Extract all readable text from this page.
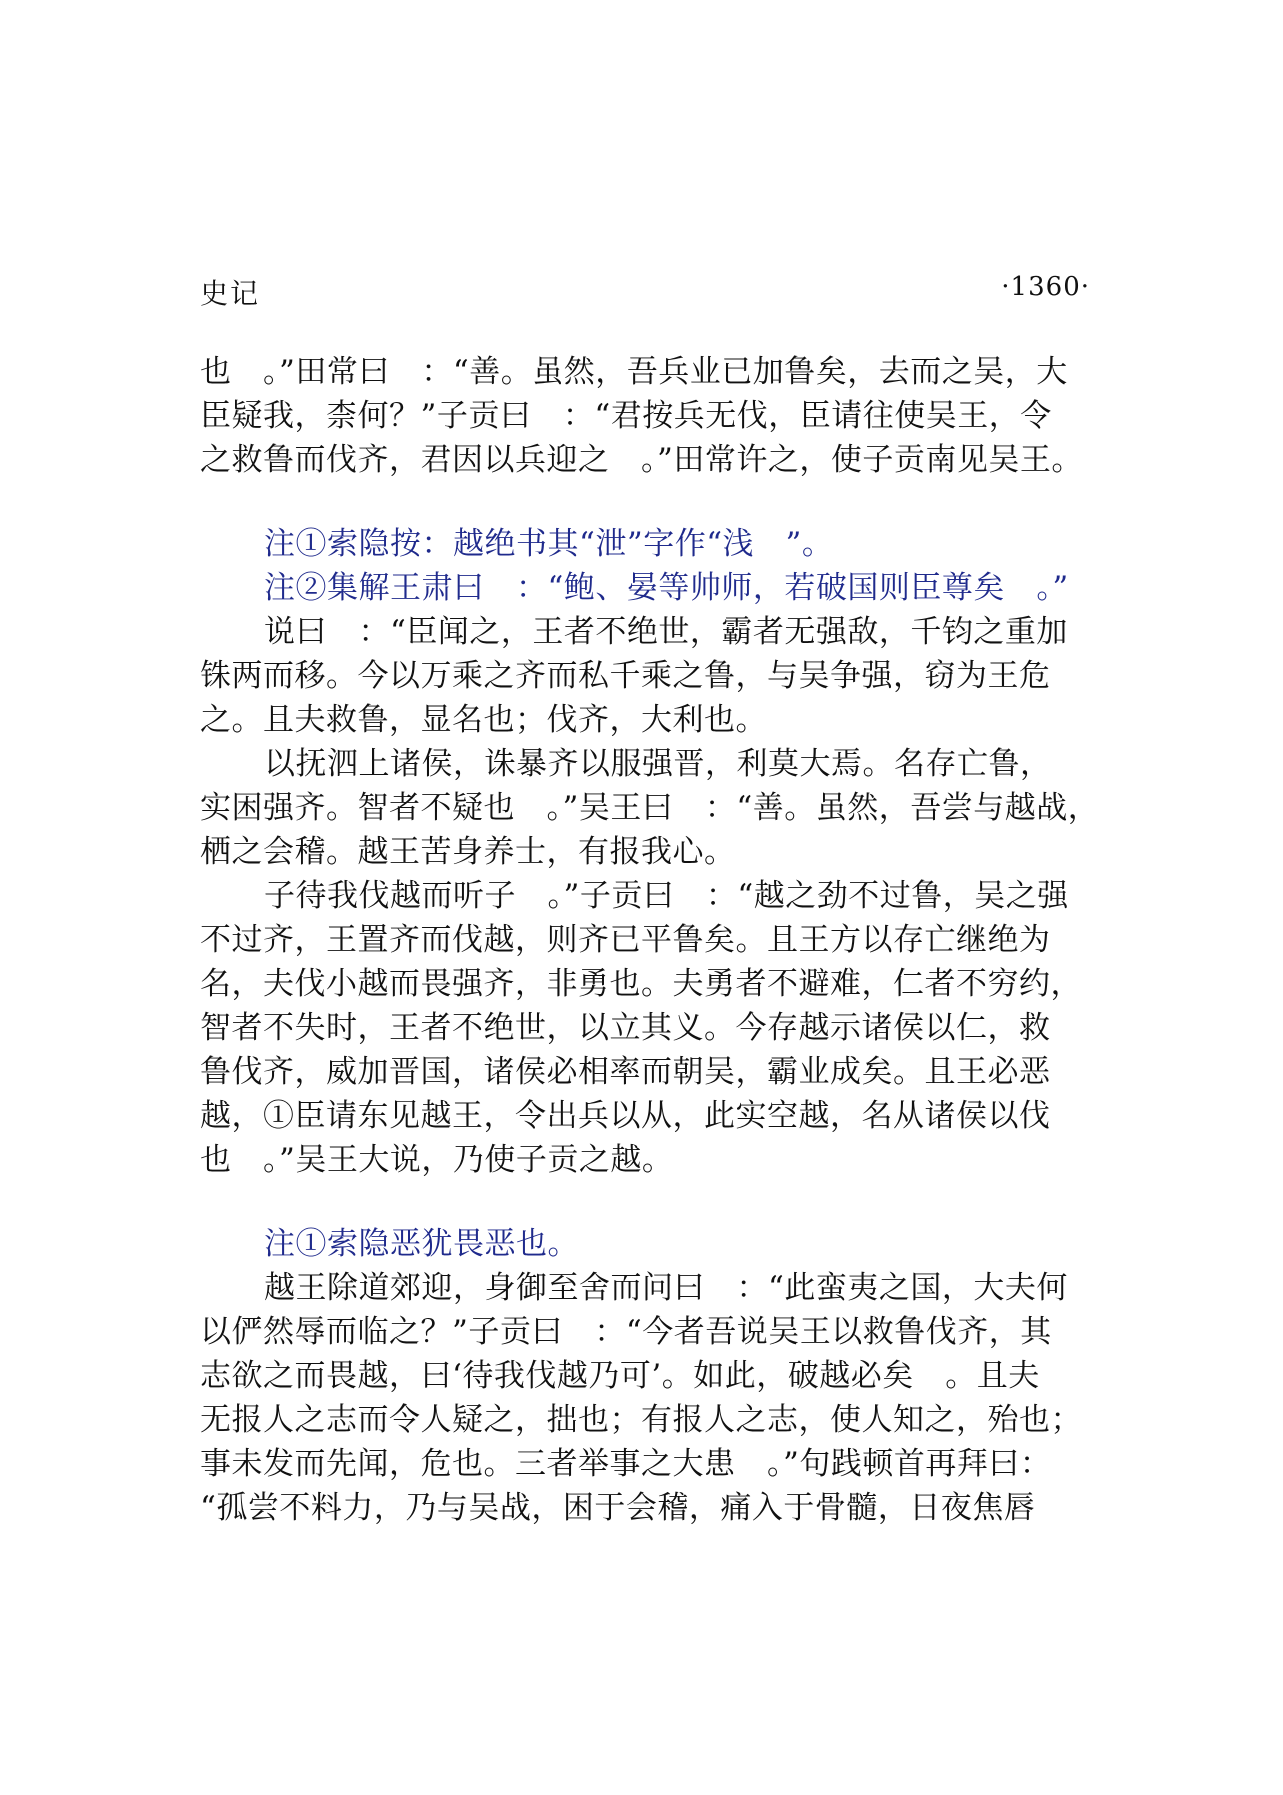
史记	·1360·
也　。”田常曰　：“善。虽然，吾兵业已加鲁矣，去而之吴，大
臣疑我，柰何？”子贡曰　：“君按兵无伐，臣请往使吴王，令
之救鲁而伐齐，君因以兵迎之　。”田常许之，使子贡南见吴王。
注①索隐按：越绝书其“泄”字作“浅　”。
注②集解王肃曰　：“鲍、晏等帅师，若破国则臣尊矣　。”
说曰　：“臣闻之，王者不绝世，霸者无强敌，千钧之重加
铢两而移。今以万乘之齐而私千乘之鲁，与吴争强，窃为王危
之。且夫救鲁，显名也；伐齐，大利也。
以抚泗上诸侯，诛暴齐以服强晋，利莫大焉。名存亡鲁，
实困强齐。智者不疑也　。”吴王曰　：“善。虽然，吾尝与越战，
栖之会稽。越王苦身养士，有报我心。
子待我伐越而听子　。”子贡曰　：“越之劲不过鲁，吴之强
不过齐，王置齐而伐越，则齐已平鲁矣。且王方以存亡继绝为
名，夫伐小越而畏强齐，非勇也。夫勇者不避难，仁者不穷约，
智者不失时，王者不绝世，以立其义。今存越示诸侯以仁，救
鲁伐齐，威加晋国，诸侯必相率而朝吴，霸业成矣。且王必恶
越，①臣请东见越王，令出兵以从，此实空越，名从诸侯以伐
也　。”吴王大说，乃使子贡之越。
注①索隐恶犹畏恶也。
越王除道郊迎，身御至舍而问曰　：“此蛮夷之国，大夫何
以俨然辱而临之？”子贡曰　：“今者吾说吴王以救鲁伐齐，其
志欲之而畏越，曰‘待我伐越乃可’。如此，破越必矣　。且夫
无报人之志而令人疑之，拙也；有报人之志，使人知之，殆也；
事未发而先闻，危也。三者举事之大患　。”句践顿首再拜曰：
“孤尝不料力，乃与吴战，困于会稽，痛入于骨髓，日夜焦唇
